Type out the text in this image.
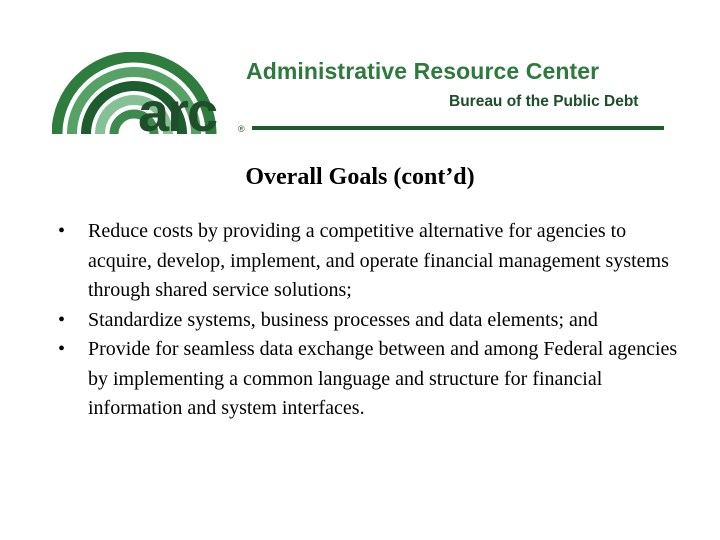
arc ®
Administrative Resource Center
Bureau of the Public Debt
Overall Goals (cont’d)
• Reduce costs by providing a competitive alternative for agencies to acquire, develop, implement, and operate financial management systems through shared service solutions;
• Standardize systems, business processes and data elements; and
• Provide for seamless data exchange between and among Federal agencies by implementing a common language and structure for financial information and system interfaces.
